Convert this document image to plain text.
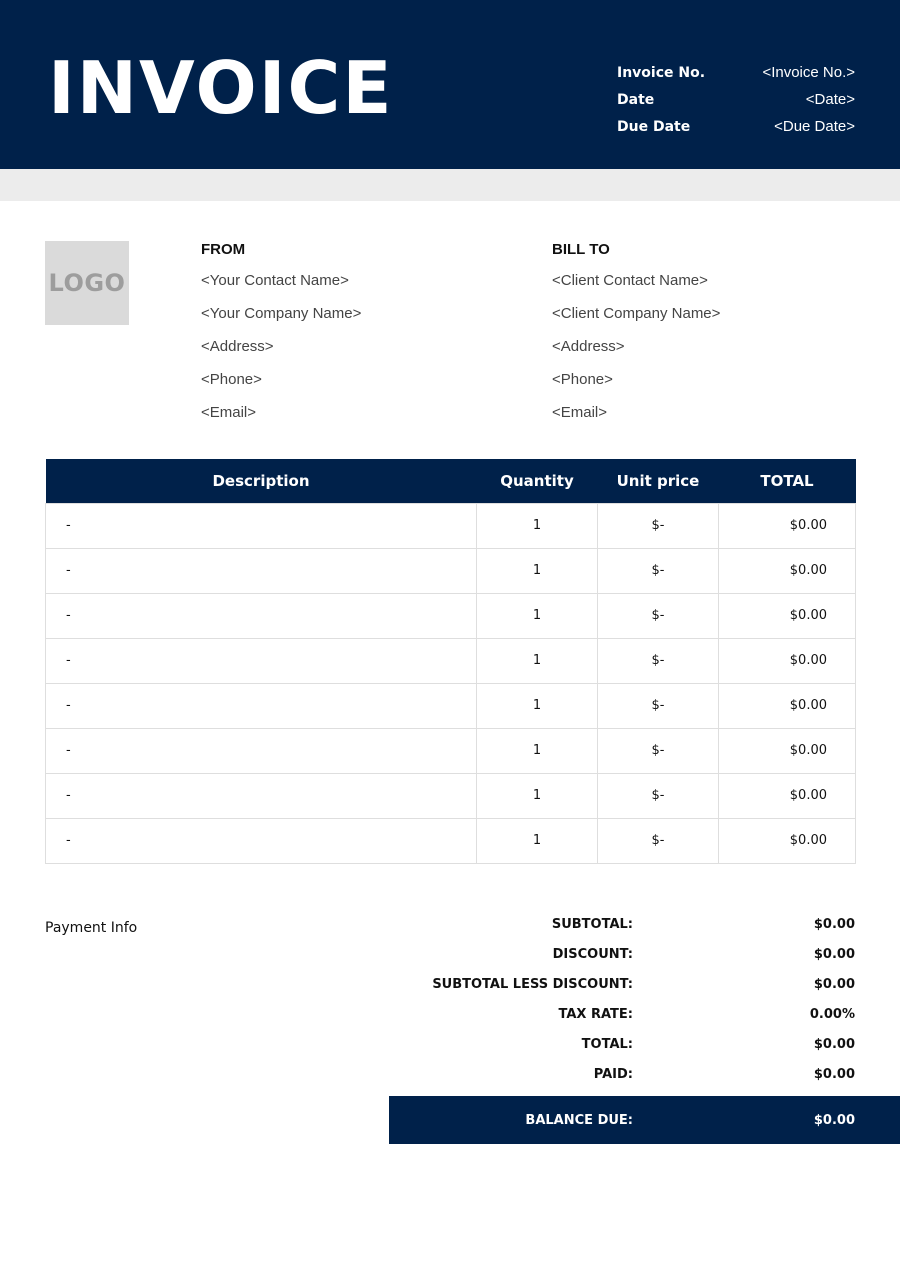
INVOICE	Invoice No.	<Invoice No.>
Date	<Date>
Due Date	<Due Date>
LOGO
FROM
<Your Contact Name>
<Your Company Name>
<Address>
<Phone>
<Email>
BILL TO
<Client Contact Name>
<Client Company Name>
<Address>
<Phone>
<Email>
Description	Quantity	Unit price	TOTAL
-	1	$-	$0.00
-	1	$-	$0.00
-	1	$-	$0.00
-	1	$-	$0.00
-	1	$-	$0.00
-	1	$-	$0.00
-	1	$-	$0.00
-	1	$-	$0.00
Payment Info	SUBTOTAL:	$0.00
DISCOUNT:	$0.00
SUBTOTAL LESS DISCOUNT:	$0.00
TAX RATE:	0.00%
TOTAL:	$0.00
PAID:	$0.00
BALANCE DUE:	$0.00
